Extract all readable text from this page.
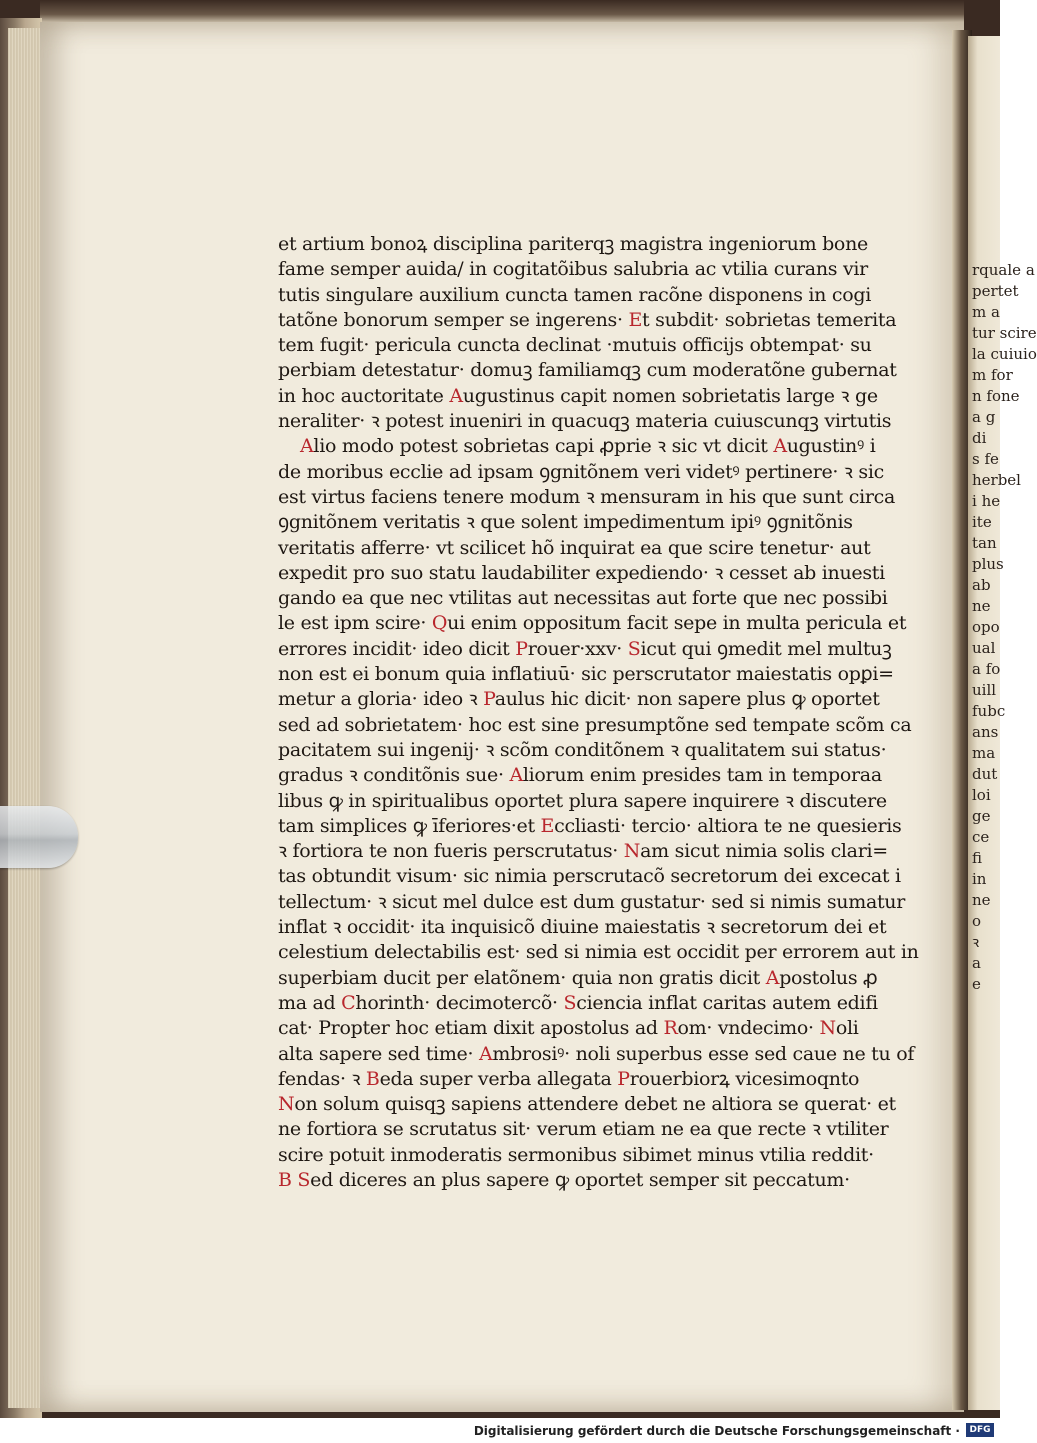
rquale a
pertet
m a
tur scire
la cuiuio
m for
n fone
a g
di
s fe
herbel
i he
ite
tan
plus
ab
ne
opo
ual
a fo
uill
fubc
ans
ma
dut
loi
ge
ce
fi
in
ne
o
ꝛ
a
e
et artium bonoꝝ disciplina pariterqꝫ magistra ingeniorum bone
fame semper auida/ in cogitatõibus salubria ac vtilia curans vir
tutis singulare auxilium cuncta tamen racõne disponens in cogi
tatõne bonorum semper se ingerens· Et subdit· sobrietas temerita
tem fugit· pericula cuncta declinat ·mutuis officijs obtempat· su
perbiam detestatur· domuꝫ familiamqꝫ cum moderatõne gubernat
in hoc auctoritate Augustinus capit nomen sobrietatis large ꝛ ge
neraliter· ꝛ potest inueniri in quacuqꝫ materia cuiuscunqꝫ virtutis
Alio modo potest sobrietas capi ꝓprie ꝛ sic vt dicit Augustinꝰ i
de moribus ecclie ad ipsam ꝯgnitõnem veri videtꝰ pertinere· ꝛ sic
est virtus faciens tenere modum ꝛ mensuram in his que sunt circa
ꝯgnitõnem veritatis ꝛ que solent impedimentum ipiꝰ ꝯgnitõnis
veritatis afferre· vt scilicet hõ inquirat ea que scire tenetur· aut
expedit pro suo statu laudabiliter expediendo· ꝛ cesset ab inuesti
gando ea que nec vtilitas aut necessitas aut forte que nec possibi
le est ipm scire· Qui enim oppositum facit sepe in multa pericula et
errores incidit· ideo dicit Prouer·xxv· Sicut qui ꝯmedit mel multuꝫ
non est ei bonum quia inflatiuū· sic perscrutator maiestatis opꝑi=
metur a gloria· ideo ꝛ Paulus hic dicit· non sapere plus ꝙ oportet
sed ad sobrietatem· hoc est sine presumptõne sed tempate scõm ca
pacitatem sui ingenij· ꝛ scõm conditõnem ꝛ qualitatem sui status·
gradus ꝛ conditõnis sue· Aliorum enim presides tam in temporaa
libus ꝙ in spiritualibus oportet plura sapere inquirere ꝛ discutere
tam simplices ꝙ īferiores·et Eccliasti· tercio· altiora te ne quesieris
ꝛ fortiora te non fueris perscrutatus· Nam sicut nimia solis clari=
tas obtundit visum· sic nimia perscrutacõ secretorum dei excecat i
tellectum· ꝛ sicut mel dulce est dum gustatur· sed si nimis sumatur
inflat ꝛ occidit· ita inquisicõ diuine maiestatis ꝛ secretorum dei et
celestium delectabilis est· sed si nimia est occidit per errorem aut in
superbiam ducit per elatõnem· quia non gratis dicit Apostolus ꝓ
ma ad Chorinth· decimotercõ· Sciencia inflat caritas autem edifi
cat· Propter hoc etiam dixit apostolus ad Rom· vndecimo· Noli
alta sapere sed time· Ambrosiꝰ· noli superbus esse sed caue ne tu of
fendas· ꝛ Beda super verba allegata Prouerbiorꝝ vicesimoqnto
Non solum quisqꝫ sapiens attendere debet ne altiora se querat· et
ne fortiora se scrutatus sit· verum etiam ne ea que recte ꝛ vtiliter
scire potuit inmoderatis sermonibus sibimet minus vtilia reddit·
B Sed diceres an plus sapere ꝙ oportet semper sit peccatum·
Digitalisierung gefördert durch die Deutsche Forschungsgemeinschaft ·	DFG
